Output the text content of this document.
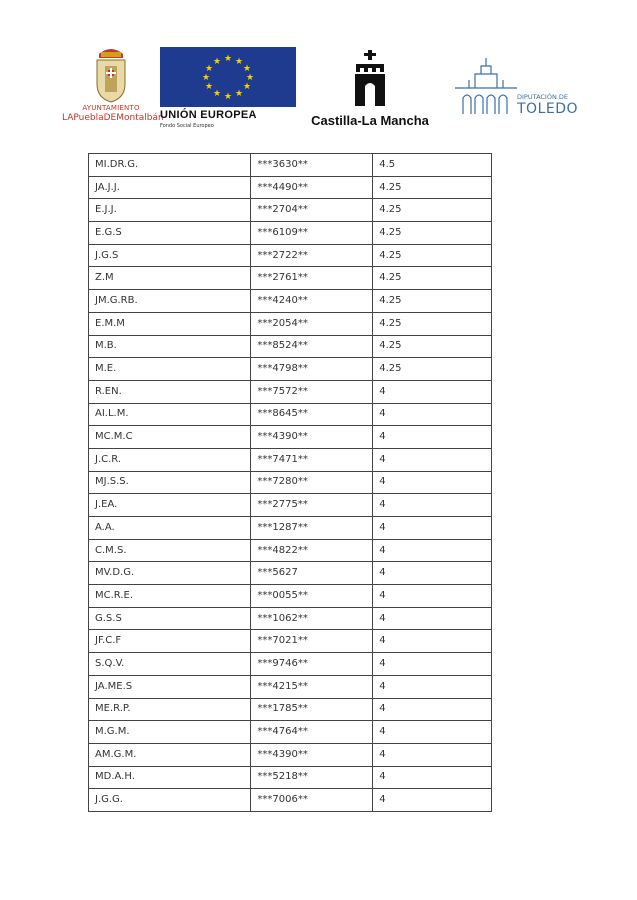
AYUNTAMIENTO
LAPueblaDEMontalbán
★ ★
★
★
★
★
★
★
★
★
★
★
UNIÓN EUROPEA
Fondo Social Europeo	Castilla-La Mancha
DIPUTACIÓN DE
TOLEDO
MI.DR.G.	***3630**	4.5
JA.J.J.	***4490**	4.25
E.J.J.	***2704**	4.25
E.G.S	***6109**	4.25
J.G.S	***2722**	4.25
Z.M	***2761**	4.25
JM.G.RB.	***4240**	4.25
E.M.M	***2054**	4.25
M.B.	***8524**	4.25
M.E.	***4798**	4.25
R.EN.	***7572**	4
AI.L.M.	***8645**	4
MC.M.C	***4390**	4
J.C.R.	***7471**	4
MJ.S.S.	***7280**	4
J.EA.	***2775**	4
A.A.	***1287**	4
C.M.S.	***4822**	4
MV.D.G.	***5627	4
MC.R.E.	***0055**	4
G.S.S	***1062**	4
JF.C.F	***7021**	4
S.Q.V.	***9746**	4
JA.ME.S	***4215**	4
ME.R.P.	***1785**	4
M.G.M.	***4764**	4
AM.G.M.	***4390**	4
MD.A.H.	***5218**	4
J.G.G.	***7006**	4
